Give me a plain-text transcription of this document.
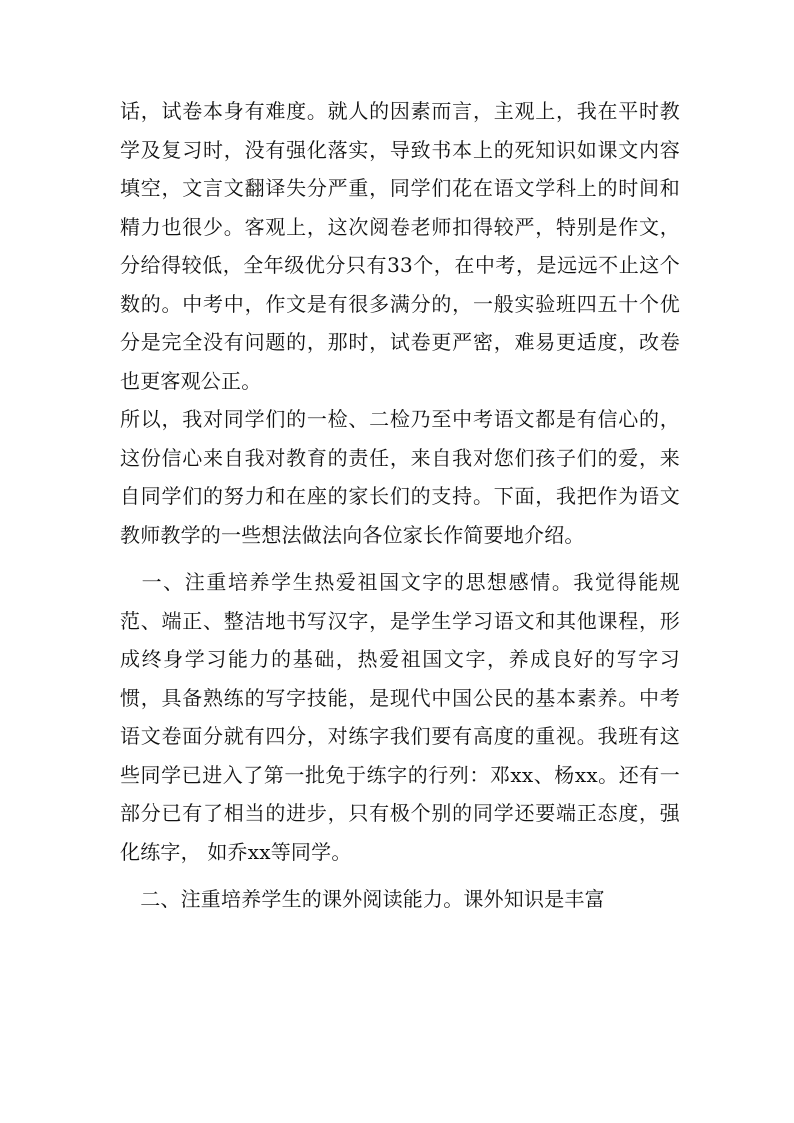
话，试卷本身有难度。就人的因素而言，主观上，我在平时教学及复习时，没有强化落实，导致书本上的死知识如课文内容填空，文言文翻译失分严重，同学们花在语文学科上的时间和精力也很少。客观上，这次阅卷老师扣得较严，特别是作文，分给得较低，全年级优分只有33个，在中考，是远远不止这个数的。中考中，作文是有很多满分的，一般实验班四五十个优分是完全没有问题的，那时，试卷更严密，难易更适度，改卷也更客观公正。

所以，我对同学们的一检、二检乃至中考语文都是有信心的，这份信心来自我对教育的责任，来自我对您们孩子们的爱，来自同学们的努力和在座的家长们的支持。下面，我把作为语文教师教学的一些想法做法向各位家长作简要地介绍。

　一、注重培养学生热爱祖国文字的思想感情。我觉得能规范、端正、整洁地书写汉字，是学生学习语文和其他课程，形成终身学习能力的基础，热爱祖国文字，养成良好的写字习惯，具备熟练的写字技能，是现代中国公民的基本素养。中考语文卷面分就有四分，对练字我们要有高度的重视。我班有这些同学已进入了第一批免于练字的行列：邓xx、杨xx。还有一部分已有了相当的进步，只有极个别的同学还要端正态度，强化练字， 如乔xx等同学。

　二、注重培养学生的课外阅读能力。课外知识是丰富
